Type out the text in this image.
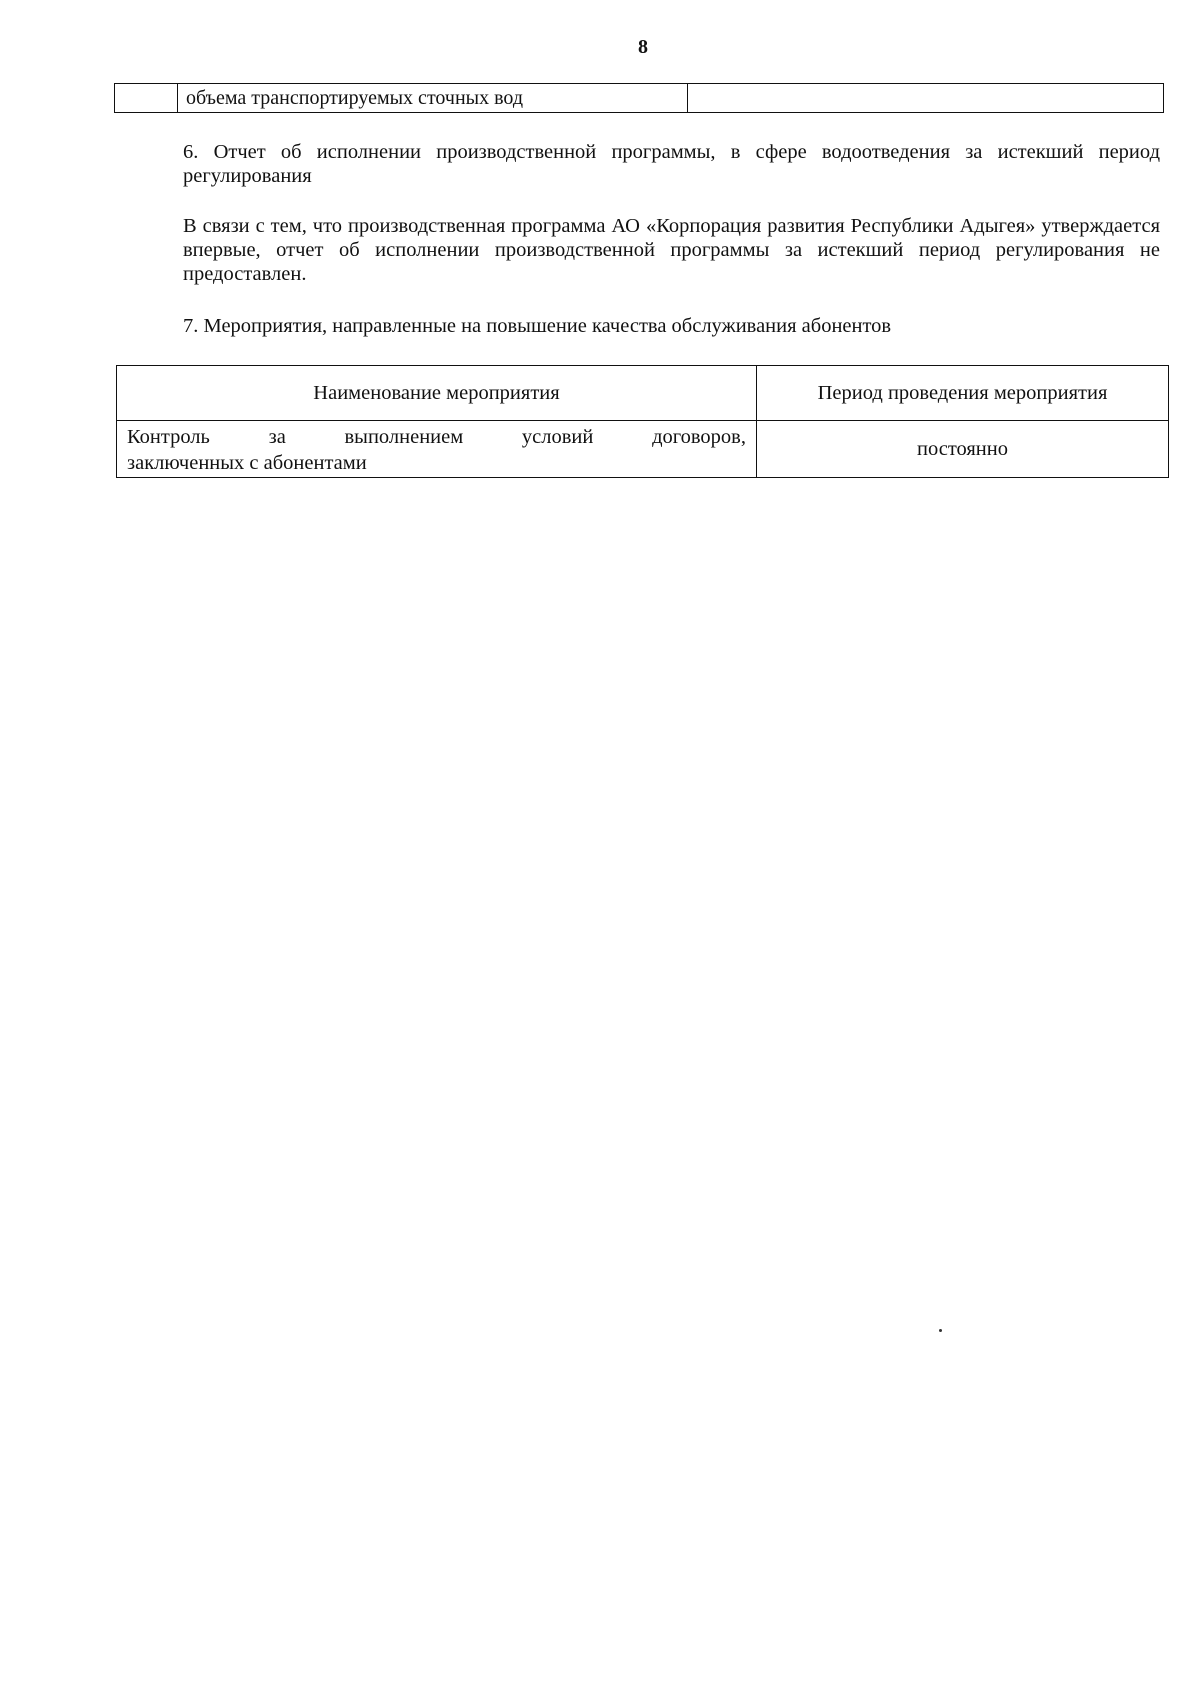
8
	объема транспортируемых сточных вод	
6. Отчет об исполнении производственной программы, в сфере водоотведения за истекший период регулирования
В связи с тем, что производственная программа АО «Корпорация развития Республики Адыгея» утверждается впервые, отчет об исполнении производственной программы за истекший период регулирования не предоставлен.
7. Мероприятия, направленные на повышение качества обслуживания абонентов
Наименование мероприятия	Период проведения мероприятия

Контроль за выполнением условий договоров,
заключенных с абонентами	постоянно
